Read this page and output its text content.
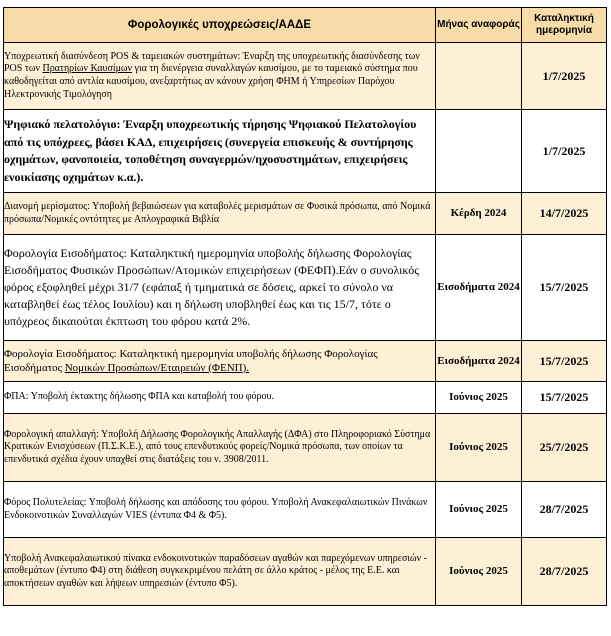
Φορολογικές υποχρεώσεις/ΑΑΔΕ	Μήνας αναφοράς	Καταληκτική ημερομηνία
Υποχρεωτική διασύνδεση POS & ταμειακών συστημάτων: Έναρξη της υποχρεωτικής διασύνδεσης των POS των Πρατηρίων Καυσίμων για τη διενέργεια συναλλαγών καυσίμου, με το ταμειακό σύστημα που καθοδηγείται από αντλία καυσίμου, ανεξαρτήτως αν κάνουν χρήση ΦΗΜ ή Υπηρεσίων Παρόχου Ηλεκτρονικής Τιμολόγηση		1/7/2025
Ψηφιακό πελατολόγιο: Έναρξη υποχρεωτικής τήρησης Ψηφιακού Πελατολογίου από τις υπόχρεες, βάσει ΚΑΔ, επιχειρήσεις (συνεργεία επισκευής & συντήρησης οχημάτων, φανοποιεία, τοποθέτηση συναγερμών/ηχοσυστημάτων, επιχειρήσεις ενοικίασης οχημάτων κ.α.).		1/7/2025
Διανομή μερίσματος: Υποβολή βεβαιώσεων για καταβολές μερισμάτων σε Φυσικά πρόσωπα, από Νομικά πρόσωπα/Νομικές οντότητες με Απλογραφικά Βιβλία	Κέρδη 2024	14/7/2025
Φορολογία Εισοδήματος: Καταληκτική ημερομηνία υποβολής δήλωσης Φορολογίας Εισοδήματος Φυσικών Προσώπων/Ατομικών επιχειρήσεων (ΦΕΦΠ).Εάν ο συνολικός φόρος εξοφληθεί μέχρι 31/7 (εφάπαξ ή τμηματικά σε δόσεις, αρκεί το σύνολο να καταβληθεί έως τέλος Ιουλίου) και η δήλωση υποβληθεί έως και τις 15/7, τότε ο υπόχρεος δικαιούται έκπτωση του φόρου κατά 2%.	Εισοδήματα 2024	15/7/2025
Φορολογία Εισοδήματος: Καταληκτική ημερομηνία υποβολής δήλωσης Φορολογίας Εισοδήματος Νομικών Προσώπων/Εταιρειών (ΦΕΝΠ).	Εισοδήματα 2024	15/7/2025
ΦΠΑ: Υποβολή έκτακτης δήλωσης ΦΠΑ και καταβολή του φόρου.	Ιούνιος 2025	15/7/2025
Φορολογική απαλλαγή: Υποβολή Δήλωσης Φορολογικής Απαλλαγής (ΔΦΑ) στο Πληροφοριακό Σύστημα Κρατικών Ενισχύσεων (Π.Σ.Κ.Ε.), από τους επενδυτικούς φορείς/Νομικά πρόσωπα, των οποίων τα επενδυτικά σχέδια έχουν υπαχθεί στις διατάξεις του ν. 3908/2011.	Ιούνιος 2025	25/7/2025
Φόρος Πολυτελείας: Υποβολή δήλωσης και απόδοσης του φόρου. Υποβολή Ανακεφαλαιωτικών Πινάκων Ενδοκοινοτικών Συναλλαγών VIES (έντυπα Φ4 & Φ5).	Ιούνιος 2025	28/7/2025
Υποβολή Ανακεφαλαιωτικού πίνακα ενδοκοινοτικών παραδόσεων αγαθών και παρεχόμενων υπηρεσιών - αποθεμάτων (έντυπο Φ4) στη διάθεση συγκεκριμένου πελάτη σε άλλο κράτος - μέλος της Ε.Ε. και αποκτήσεων αγαθών και λήψεων υπηρεσιών (έντυπο Φ5).	Ιούνιος 2025	28/7/2025
